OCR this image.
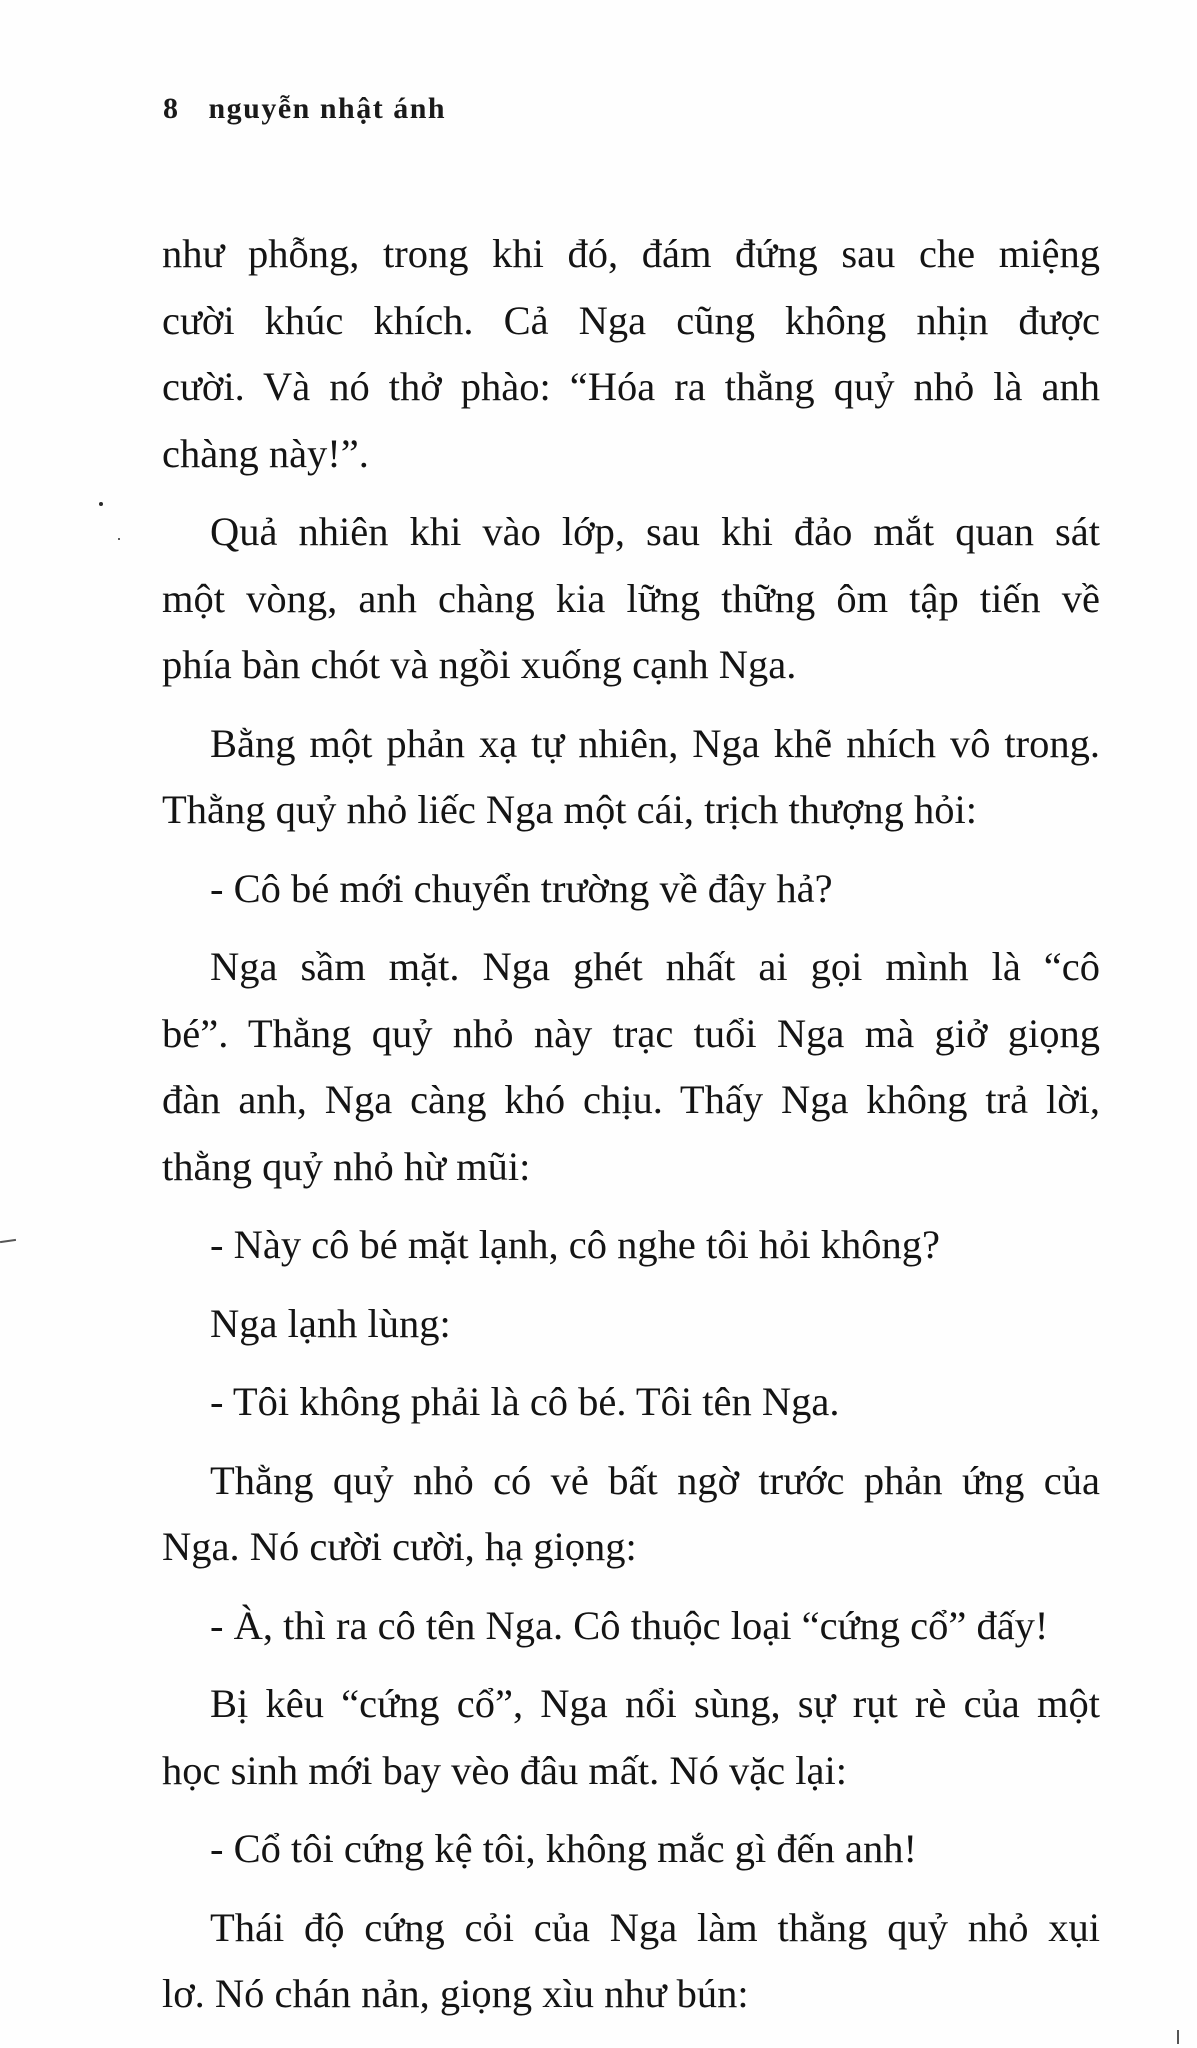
8 nguyễn nhật ánh

như phỗng, trong khi đó, đám đứng sau che miệng
cười khúc khích. Cả Nga cũng không nhịn được
cười. Và nó thở phào: “Hóa ra thằng quỷ nhỏ là anh
chàng này!”.

Quả nhiên khi vào lớp, sau khi đảo mắt quan sát
một vòng, anh chàng kia lững thững ôm tập tiến về
phía bàn chót và ngồi xuống cạnh Nga.

Bằng một phản xạ tự nhiên, Nga khẽ nhích vô trong.
Thằng quỷ nhỏ liếc Nga một cái, trịch thượng hỏi:

- Cô bé mới chuyển trường về đây hả?

Nga sầm mặt. Nga ghét nhất ai gọi mình là “cô
bé”. Thằng quỷ nhỏ này trạc tuổi Nga mà giở giọng
đàn anh, Nga càng khó chịu. Thấy Nga không trả lời,
thằng quỷ nhỏ hừ mũi:

- Này cô bé mặt lạnh, cô nghe tôi hỏi không?

Nga lạnh lùng:

- Tôi không phải là cô bé. Tôi tên Nga.

Thằng quỷ nhỏ có vẻ bất ngờ trước phản ứng của
Nga. Nó cười cười, hạ giọng:

- À, thì ra cô tên Nga. Cô thuộc loại “cứng cổ” đấy!

Bị kêu “cứng cổ”, Nga nổi sùng, sự rụt rè của một
học sinh mới bay vèo đâu mất. Nó vặc lại:

- Cổ tôi cứng kệ tôi, không mắc gì đến anh!

Thái độ cứng cỏi của Nga làm thằng quỷ nhỏ xụi
lơ. Nó chán nản, giọng xìu như bún:
